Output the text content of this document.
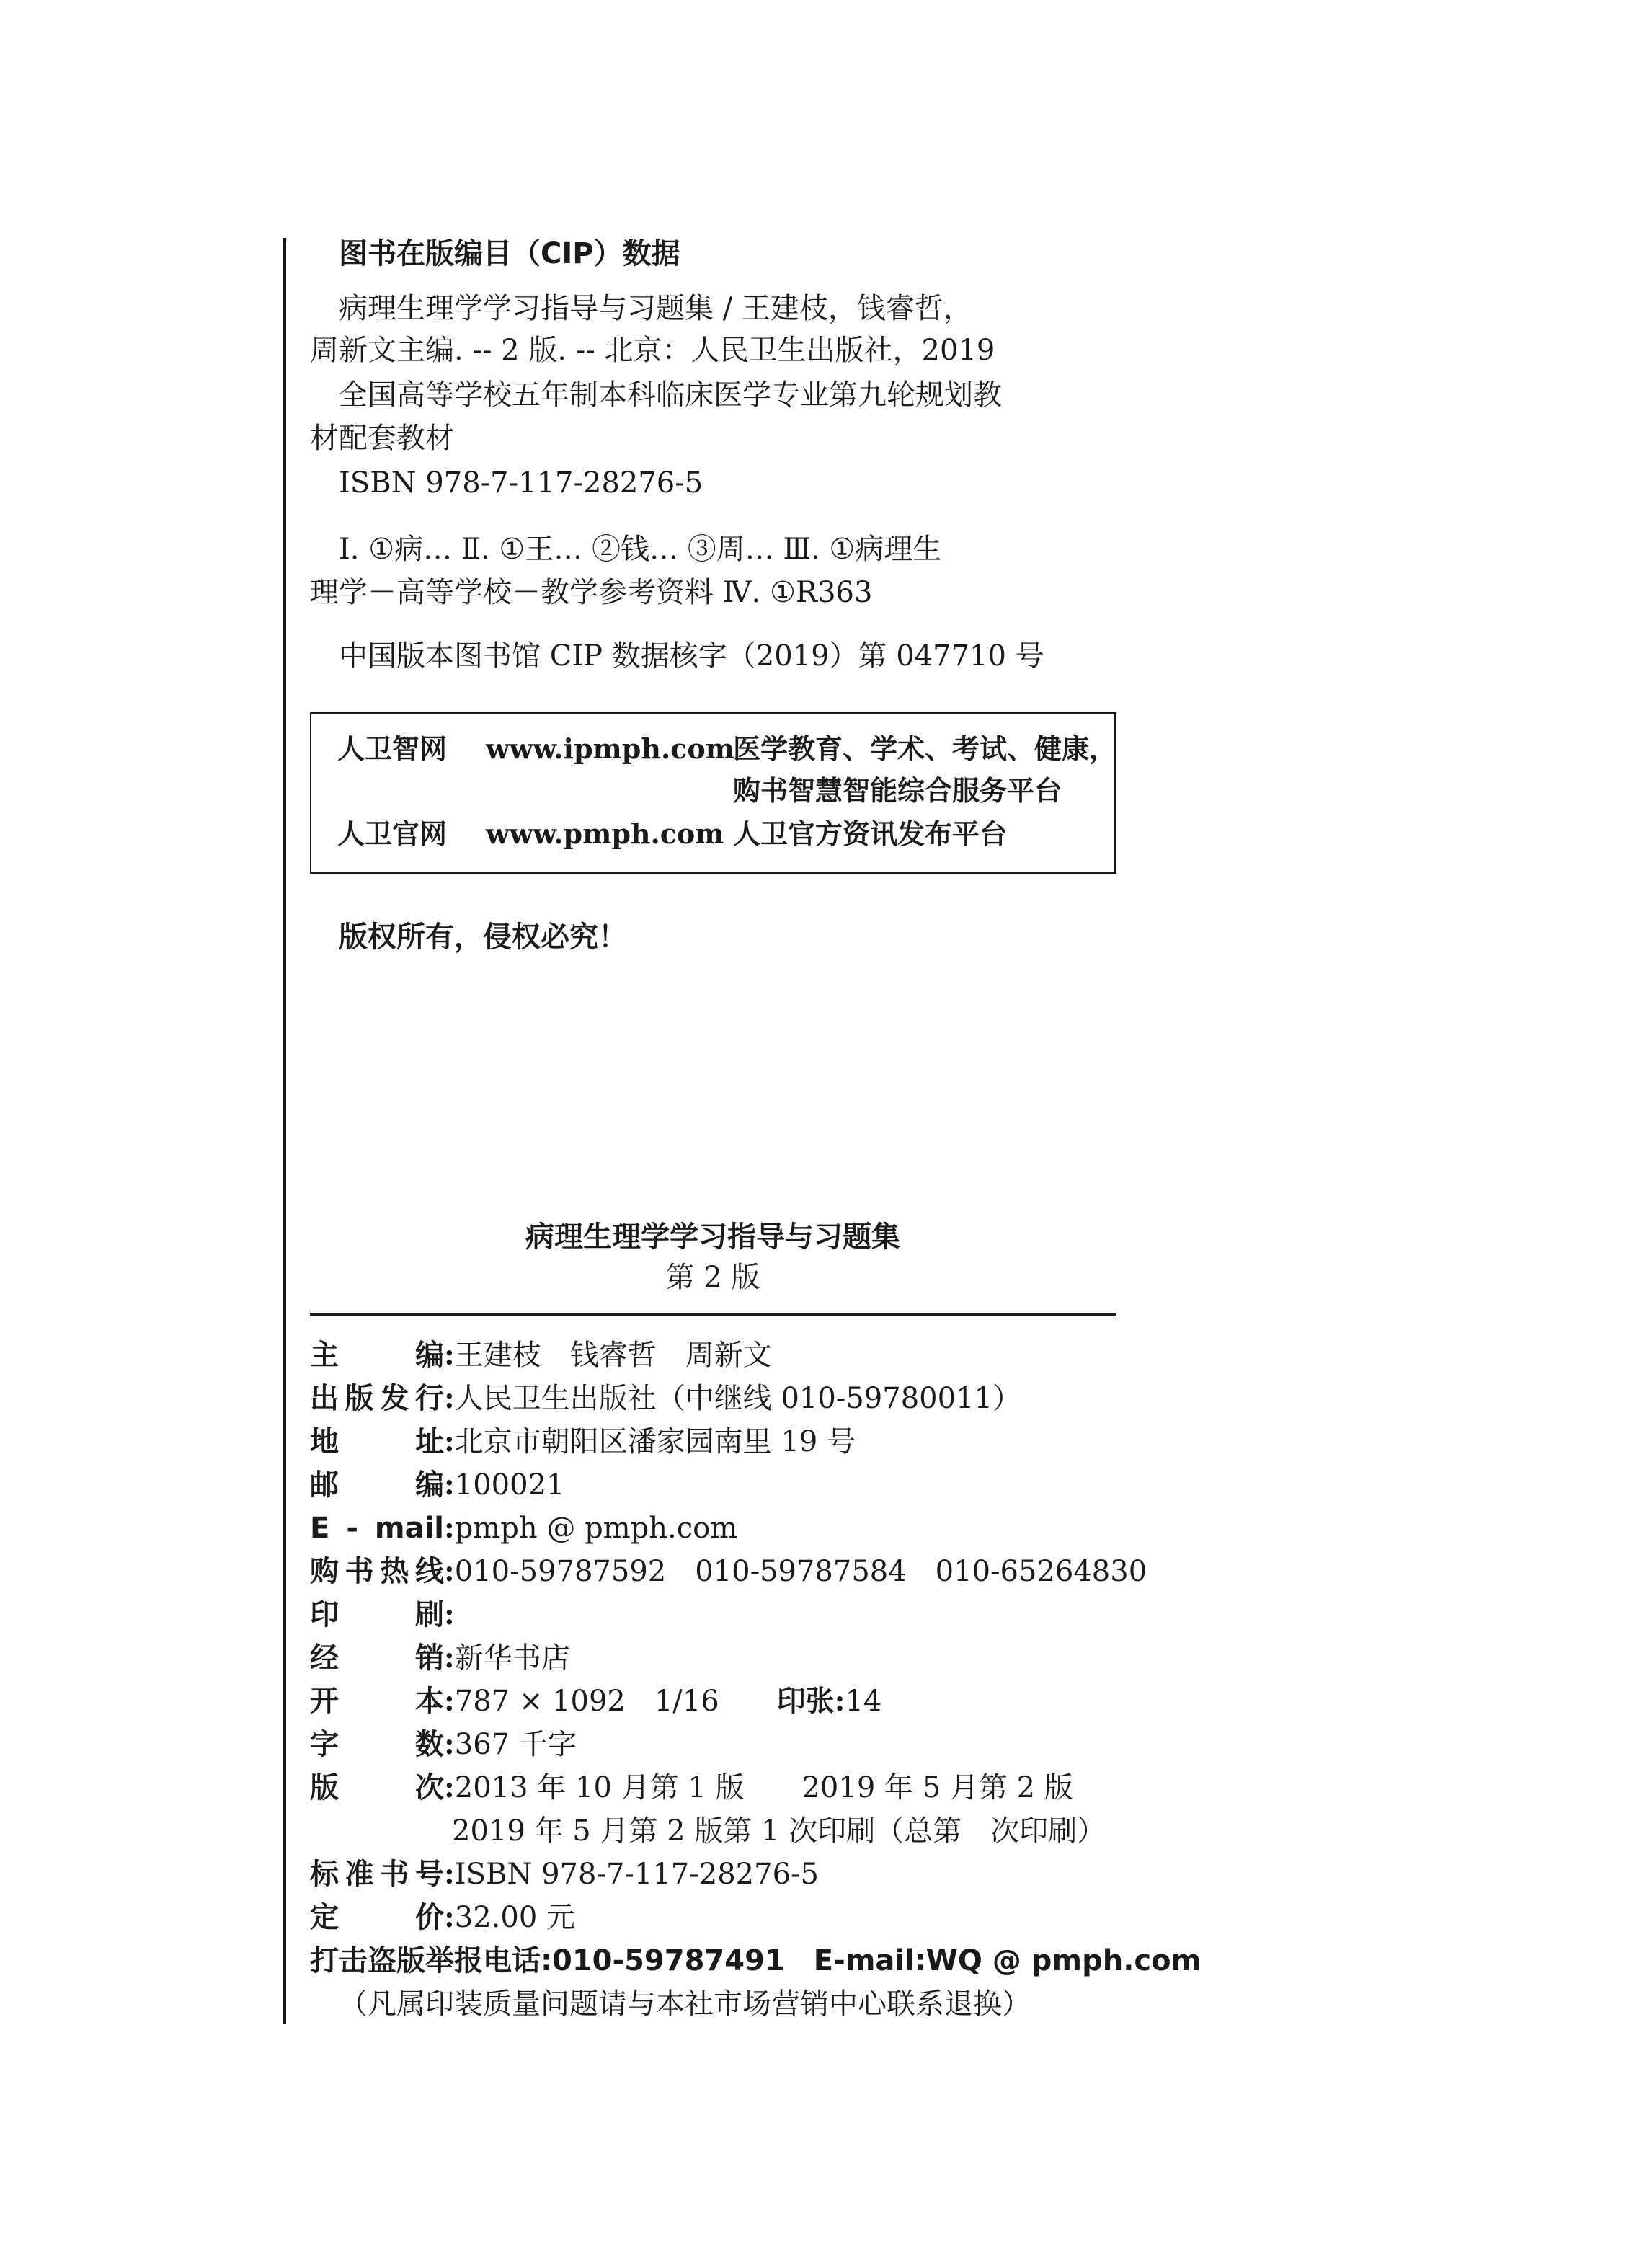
图书在版编目（CIP）数据
病理生理学学习指导与习题集 / 王建枝，钱睿哲，
周新文主编. -- 2 版. -- 北京：人民卫生出版社，2019
全国高等学校五年制本科临床医学专业第九轮规划教
材配套教材
ISBN 978-7-117-28276-5
Ⅰ. ①病… Ⅱ. ①王… ②钱… ③周… Ⅲ. ①病理生
理学－高等学校－教学参考资料 Ⅳ. ①R363
中国版本图书馆 CIP 数据核字（2019）第 047710 号
人卫智网 www.ipmph.com
医学教育、学术、考试、健康，
购书智慧智能综合服务平台
人卫官网 www.pmph.com 人卫官方资讯发布平台
版权所有，侵权必究！
病理生理学学习指导与习题集
第 2 版
主编:王建枝　钱睿哲　周新文
出版发行:人民卫生出版社（中继线 010-59780011）
地址:北京市朝阳区潘家园南里 19 号
邮编:100021
E - mail:pmph @ pmph.com
购书热线:010-59787592　010-59787584　010-65264830
印刷:
经销:新华书店
开本:787 × 1092　1/16 印张:14
字数:367 千字
版次:2013 年 10 月第 1 版　　2019 年 5 月第 2 版
2019 年 5 月第 2 版第 1 次印刷（总第　次印刷）
标准书号:ISBN 978-7-117-28276-5
定价:32.00 元
打击盗版举报电话:010-59787491 E-mail:WQ @ pmph.com
（凡属印装质量问题请与本社市场营销中心联系退换）
